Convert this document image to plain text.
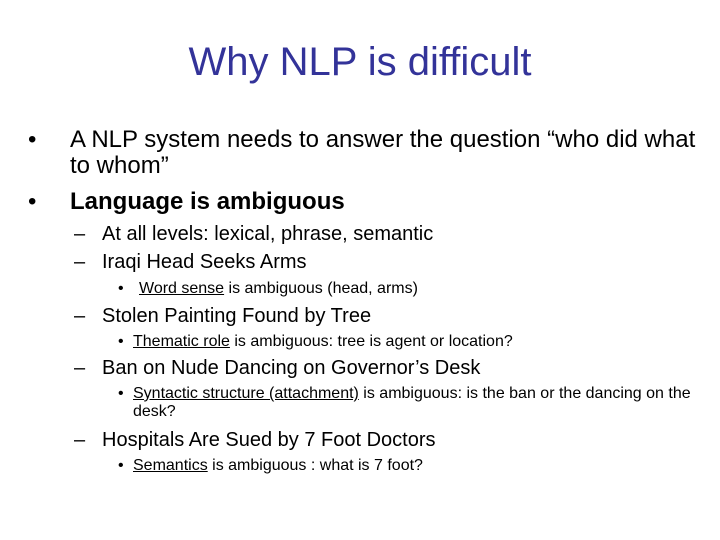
Why NLP is difficult
• A NLP system needs to answer the question “who did what to whom”
• Language is ambiguous
– At all levels: lexical, phrase, semantic
– Iraqi Head Seeks Arms
• Word sense is ambiguous (head, arms)
– Stolen Painting Found by Tree
• Thematic role is ambiguous: tree is agent or location?
– Ban on Nude Dancing on Governor’s Desk
• Syntactic structure (attachment) is ambiguous: is the ban or the dancing on the desk?
– Hospitals Are Sued by 7 Foot Doctors
• Semantics is ambiguous : what is 7 foot?
